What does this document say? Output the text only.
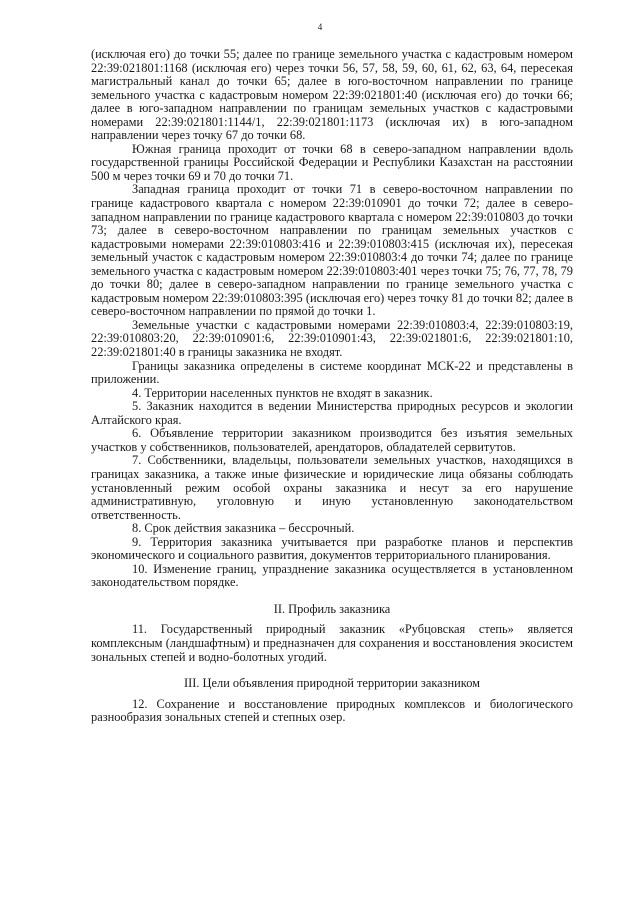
4

(исключая его) до точки 55; далее по границе земельного участка с кадастровым номером 22:39:021801:1168 (исключая его) через точки 56, 57, 58, 59, 60, 61, 62, 63, 64, пересекая магистральный канал до точки 65; далее в юго-восточном направлении по границе земельного участка с кадастровым номером 22:39:021801:40 (исключая его) до точки 66; далее в юго-западном направлении по границам земельных участков с кадастровыми номерами 22:39:021801:1144/1, 22:39:021801:1173 (исключая их) в юго-западном направлении через точку 67 до точки 68.

Южная граница проходит от точки 68 в северо-западном направлении вдоль государственной границы Российской Федерации и Республики Казахстан на расстоянии 500 м через точки 69 и 70 до точки 71.

Западная граница проходит от точки 71 в северо-восточном направлении по границе кадастрового квартала с номером 22:39:010901 до точки 72; далее в северо-западном направлении по границе кадастрового квартала с номером 22:39:010803 до точки 73; далее в северо-восточном направлении по границам земельных участков с кадастровыми номерами 22:39:010803:416 и 22:39:010803:415 (исключая их), пересекая земельный участок с кадастровым номером 22:39:010803:4 до точки 74; далее по границе земельного участка с кадастровым номером 22:39:010803:401 через точки 75; 76, 77, 78, 79 до точки 80; далее в северо-западном направлении по границе земельного участка с кадастровым номером 22:39:010803:395 (исключая его) через точку 81 до точки 82; далее в северо-восточном направлении по прямой до точки 1.

Земельные участки с кадастровыми номерами 22:39:010803:4, 22:39:010803:19, 22:39:010803:20, 22:39:010901:6, 22:39:010901:43, 22:39:021801:6, 22:39:021801:10, 22:39:021801:40 в границы заказника не входят.

Границы заказника определены в системе координат МСК-22 и представлены в приложении.

4. Территории населенных пунктов не входят в заказник.

5. Заказник находится в ведении Министерства природных ресурсов и экологии Алтайского края.

6. Объявление территории заказником производится без изъятия земельных участков у собственников, пользователей, арендаторов, обладателей сервитутов.

7. Собственники, владельцы, пользователи земельных участков, находящихся в границах заказника, а также иные физические и юридические лица обязаны соблюдать установленный режим особой охраны заказника и несут за его нарушение административную, уголовную и иную установленную законодательством ответственность.

8. Срок действия заказника – бессрочный.

9. Территория заказника учитывается при разработке планов и перспектив экономического и социального развития, документов территориального планирования.

10. Изменение границ, упразднение заказника осуществляется в установленном законодательством порядке.

II. Профиль заказника

11. Государственный природный заказник «Рубцовская степь» является комплексным (ландшафтным) и предназначен для сохранения и восстановления экосистем зональных степей и водно-болотных угодий.

III. Цели объявления природной территории заказником

12. Сохранение и восстановление природных комплексов и биологического разнообразия зональных степей и степных озер.
